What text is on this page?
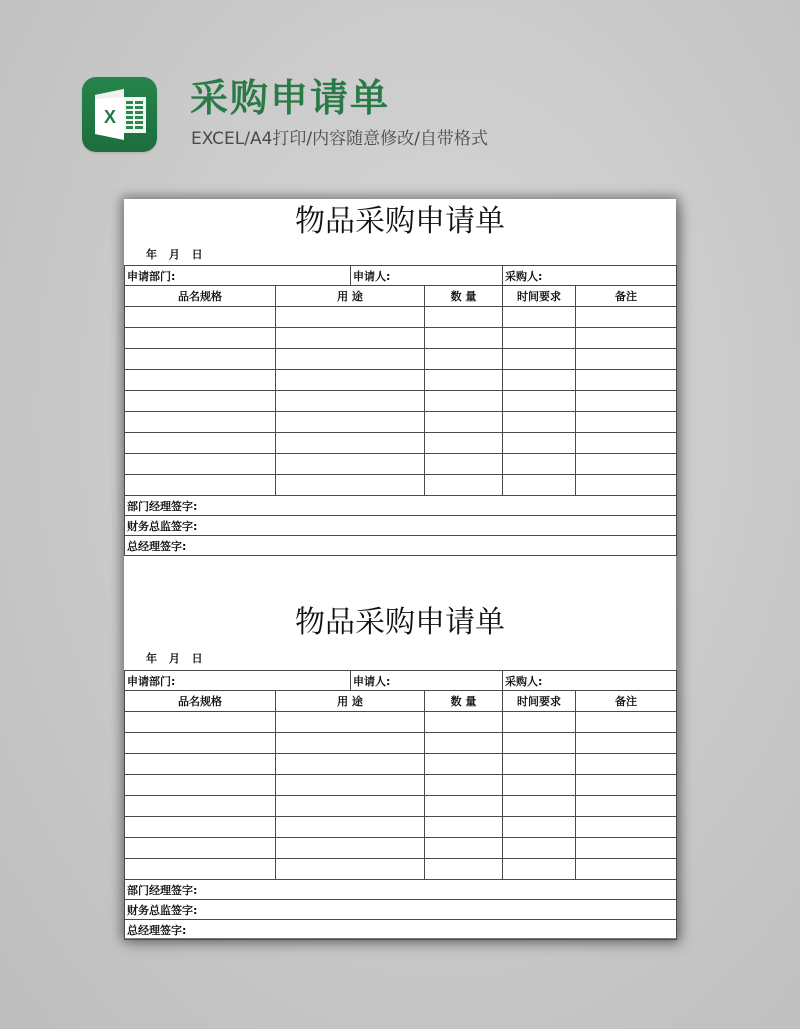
X 采购申请单
EXCEL/A4打印/内容随意修改/自带格式
物品采购申请单
年 月 日
申请部门:		申请人:		采购人:	
品名规格	用 途		数 量	时间要求	备注

部门经理签字:					
财务总监签字:					
总经理签字:					
物品采购申请单
年 月 日
申请部门:		申请人:		采购人:	
品名规格	用 途		数 量	时间要求	备注

部门经理签字:					
财务总监签字:					
总经理签字:					
